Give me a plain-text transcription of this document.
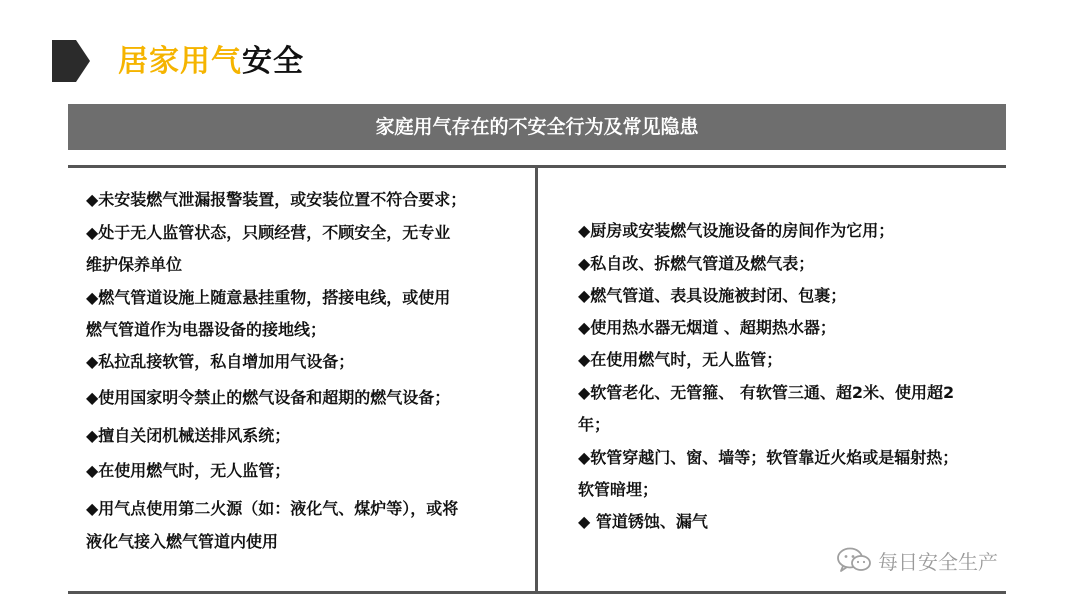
居家用气安全
家庭用气存在的不安全行为及常见隐患
◆未安装燃气泄漏报警装置，或安装位置不符合要求；
◆处于无人监管状态，只顾经营，不顾安全，无专业
维护保养单位
◆燃气管道设施上随意悬挂重物，搭接电线，或使用
燃气管道作为电器设备的接地线；
◆私拉乱接软管，私自增加用气设备；
◆使用国家明令禁止的燃气设备和超期的燃气设备；
◆擅自关闭机械送排风系统；
◆在使用燃气时，无人监管；
◆用气点使用第二火源（如：液化气、煤炉等），或将
液化气接入燃气管道内使用
◆厨房或安装燃气设施设备的房间作为它用；
◆私自改、拆燃气管道及燃气表；
◆燃气管道、表具设施被封闭、包裹；
◆使用热水器无烟道 、超期热水器；
◆在使用燃气时，无人监管；
◆软管老化、无管箍、 有软管三通、超2米、使用超2
年；
◆软管穿越门、窗、墙等；软管靠近火焰或是辐射热；
软管暗埋；
◆ 管道锈蚀、漏气
每日安全生产
